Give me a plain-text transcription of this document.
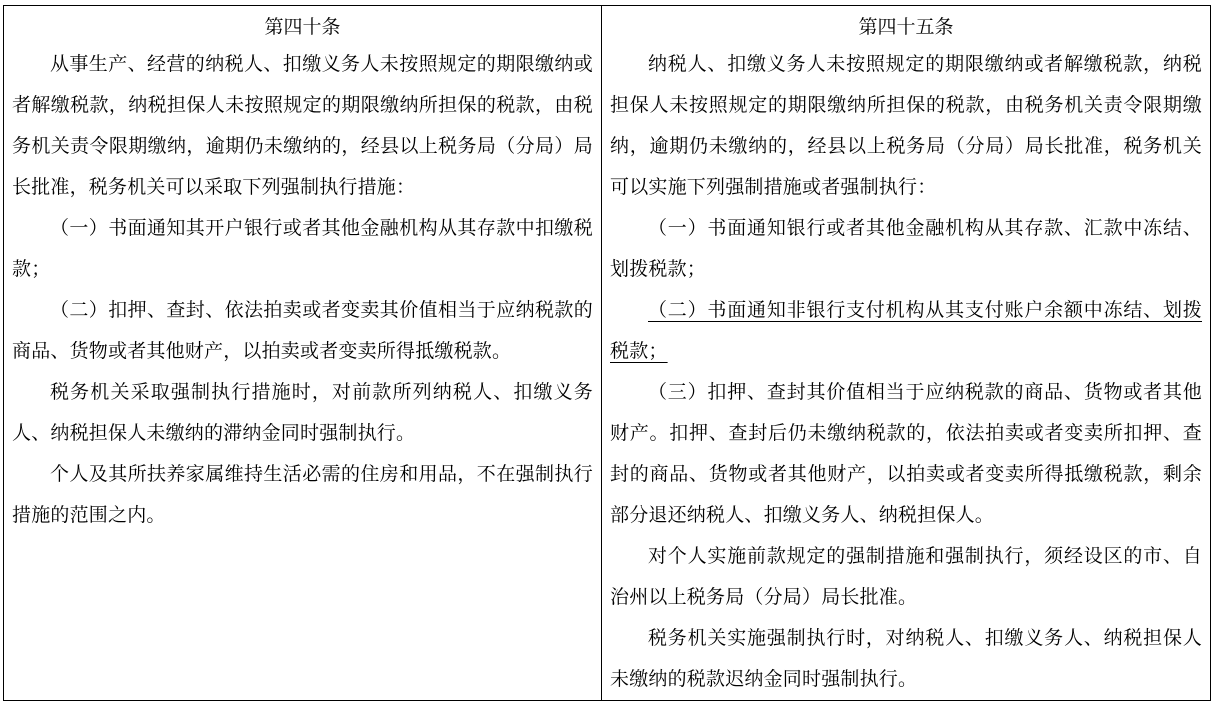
第四十条

从事生产、经营的纳税人、扣缴义务人未按照规定的期限缴纳或者解缴税款，纳税担保人未按照规定的期限缴纳所担保的税款，由税务机关责令限期缴纳，逾期仍未缴纳的，经县以上税务局（分局）局长批准，税务机关可以采取下列强制执行措施：

（一）书面通知其开户银行或者其他金融机构从其存款中扣缴税款；

（二）扣押、查封、依法拍卖或者变卖其价值相当于应纳税款的商品、货物或者其他财产，以拍卖或者变卖所得抵缴税款。

税务机关采取强制执行措施时，对前款所列纳税人、扣缴义务人、纳税担保人未缴纳的滞纳金同时强制执行。

个人及其所扶养家属维持生活必需的住房和用品，不在强制执行措施的范围之内。

第四十五条

纳税人、扣缴义务人未按照规定的期限缴纳或者解缴税款，纳税担保人未按照规定的期限缴纳所担保的税款，由税务机关责令限期缴纳，逾期仍未缴纳的，经县以上税务局（分局）局长批准，税务机关可以实施下列强制措施或者强制执行：

（一）书面通知银行或者其他金融机构从其存款、汇款中冻结、划拨税款；

（二）书面通知非银行支付机构从其支付账户余额中冻结、划拨税款；

（三）扣押、查封其价值相当于应纳税款的商品、货物或者其他财产。扣押、查封后仍未缴纳税款的，依法拍卖或者变卖所扣押、查封的商品、货物或者其他财产，以拍卖或者变卖所得抵缴税款，剩余部分退还纳税人、扣缴义务人、纳税担保人。

对个人实施前款规定的强制措施和强制执行，须经设区的市、自治州以上税务局（分局）局长批准。

税务机关实施强制执行时，对纳税人、扣缴义务人、纳税担保人未缴纳的税款迟纳金同时强制执行。
